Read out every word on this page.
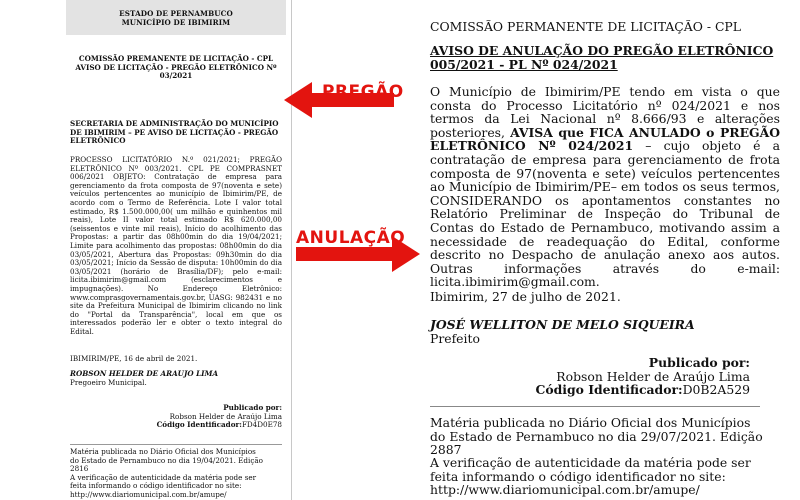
ESTADO DE PERNAMBUCO
MUNICÍPIO DE IBIMIRIM
COMISSÃO PREMANENTE DE LICITAÇÃO - CPL
AVISO DE LICITAÇÃO - PREGÃO ELETRÔNICO Nº
03/2021
SECRETARIA DE ADMINISTRAÇÃO DO MUNICÍPIO
DE IBIMIRIM – PE AVISO DE LICITAÇÃO - PREGÃO
ELETRÔNICO
PROCESSO LICITATÓRIO N.º 021/2021; PREGÃO ELETRÔNICO Nº 003/2021. CPL PE COMPRASNET 006/2021 OBJETO: Contratação de empresa para gerenciamento da frota composta de 97(noventa e sete) veículos pertencentes ao município de Ibimirim/PE, de acordo com o Termo de Referência. Lote I valor total estimado, R$ 1.500.000,00( um milhão e quinhentos mil reais), Lote II valor total estimado R$ 620.000,00 (seissentos e vinte mil reais), Início do acolhimento das Propostas: a partir das 08h00min do dia 19/04/2021; Limite para acolhimento das propostas: 08h00min do dia 03/05/2021, Abertura das Propostas: 09h30min do dia 03/05/2021; Início da Sessão de disputa: 10h00min do dia 03/05/2021 (horário de Brasília/DF); pelo e-mail: licita.ibimirim@gmail.com (esclarecimentos e impugnações). No Endereço Eletrônico: www.comprasgovernamentais.gov.br, UASG: 982431 e no site da Prefeitura Municipal de Ibimirim clicando no link do "Portal da Transparência", local em que os interessados poderão ler e obter o texto integral do Edital.
IBIMIRIM/PE, 16 de abril de 2021.
ROBSON HELDER DE ARAUJO LIMA
Pregoeiro Municipal.
Publicado por:
Robson Helder de Araújo Lima
Código Identificador:FD4D0E78
Matéria publicada no Diário Oficial dos Municípios
do Estado de Pernambuco no dia 19/04/2021. Edição
2816
A verificação de autenticidade da matéria pode ser
feita informando o código identificador no site:
http://www.diariomunicipal.com.br/amupe/
PREGÃO
ANULAÇÃO
COMISSÃO PERMANENTE DE LICITAÇÃO - CPL
AVISO DE ANULAÇÃO DO PREGÃO ELETRÔNICO
005/2021 - PL Nº 024/2021
O Município de Ibimirim/PE tendo em vista o que consta do Processo Licitatório nº 024/2021 e nos termos da Lei Nacional nº 8.666/93 e alterações posteriores, AVISA que FICA ANULADO o PREGÃO ELETRÔNICO Nº 024/2021 – cujo objeto é a contratação de empresa para gerenciamento de frota composta de 97(noventa e sete) veículos pertencentes ao Município de Ibimirim/PE– em todos os seus termos, CONSIDERANDO os apontamentos constantes no Relatório Preliminar de Inspeção do Tribunal de Contas do Estado de Pernambuco, motivando assim a necessidade de readequação do Edital, conforme descrito no Despacho de anulação anexo aos autos. Outras informações através do e-mail: licita.ibimirim@gmail.com.
Ibimirim, 27 de julho de 2021.
JOSÉ WELLITON DE MELO SIQUEIRA
Prefeito
Publicado por:
Robson Helder de Araújo Lima
Código Identificador:D0B2A529
Matéria publicada no Diário Oficial dos Municípios
do Estado de Pernambuco no dia 29/07/2021. Edição
2887
A verificação de autenticidade da matéria pode ser
feita informando o código identificador no site:
http://www.diariomunicipal.com.br/amupe/
